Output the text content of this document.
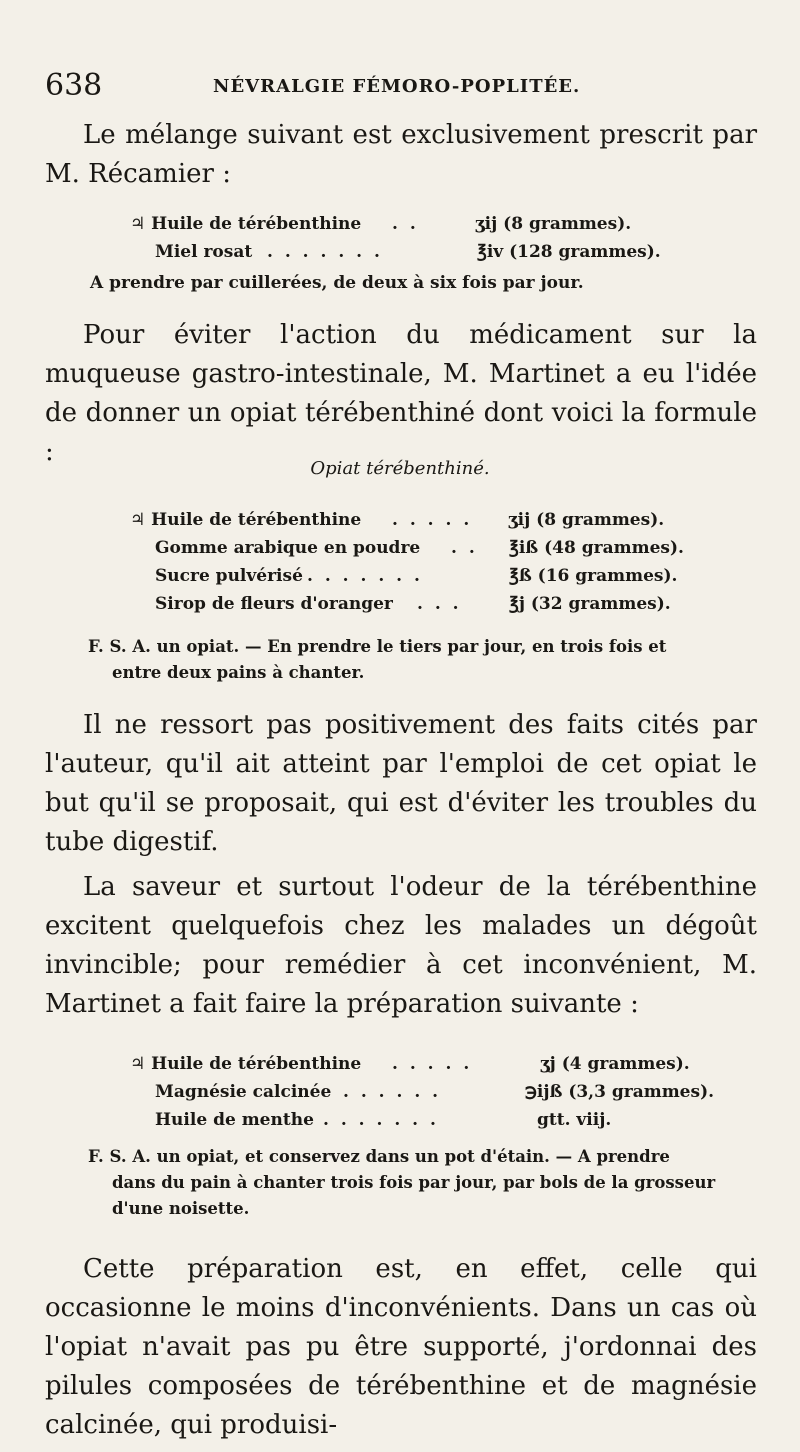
638	NÉVRALGIE FÉMORO-POPLITÉE.

Le mélange suivant est exclusivement prescrit par M. Récamier :

♃ Huile de térébenthine . .	ʒij (8 grammes).
Miel rosat . . . . . . .	℥iv (128 grammes).
A prendre par cuillerées, de deux à six fois par jour.

Pour éviter l'action du médicament sur la muqueuse gastro-intestinale, M. Martinet a eu l'idée de donner un opiat térébenthiné dont voici la formule :

Opiat térébenthiné.
♃ Huile de térébenthine . . . . . ʒij (8 grammes).
Gomme arabique en poudre . . ℥iß (48 grammes).
Sucre pulvérisé . . . . . . .	℥ß (16 grammes).
Sirop de fleurs d'oranger . . .	℥j (32 grammes).
F. S. A. un opiat. — En prendre le tiers par jour, en trois fois et
entre deux pains à chanter.

Il ne ressort pas positivement des faits cités par l'auteur, qu'il ait atteint par l'emploi de cet opiat le but qu'il se proposait, qui est d'éviter les troubles du tube digestif.

La saveur et surtout l'odeur de la térébenthine excitent quelquefois chez les malades un dégoût invincible; pour remédier à cet inconvénient, M. Martinet a fait faire la préparation suivante :

♃ Huile de térébenthine . . . . .	ʒj (4 grammes).
Magnésie calcinée . . . . . .	℈ijß (3,3 grammes).
Huile de menthe . . . . . . .	gtt. viij.
F. S. A. un opiat, et conservez dans un pot d'étain. — A prendre
dans du pain à chanter trois fois par jour, par bols de la grosseur
d'une noisette.

Cette préparation est, en effet, celle qui occasionne le moins d'inconvénients. Dans un cas où l'opiat n'avait pas pu être supporté, j'ordonnai des pilules composées de térébenthine et de magnésie calcinée, qui produisi-
